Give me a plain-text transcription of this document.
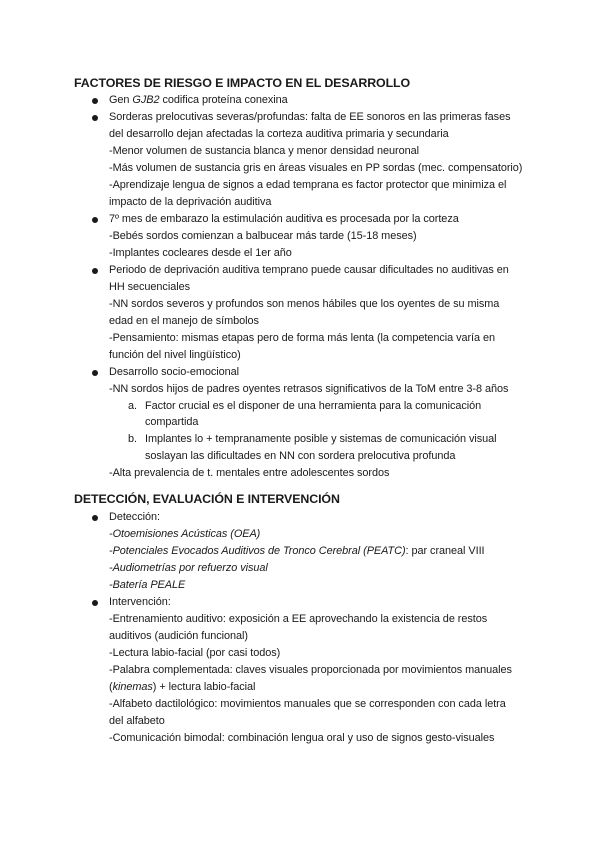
FACTORES DE RIESGO E IMPACTO EN EL DESARROLLO
Gen GJB2 codifica proteína conexina
Sorderas prelocutivas severas/profundas: falta de EE sonoros en las primeras fases
del desarrollo dejan afectadas la corteza auditiva primaria y secundaria
-Menor volumen de sustancia blanca y menor densidad neuronal
-Más volumen de sustancia gris en áreas visuales en PP sordas (mec. compensatorio)
-Aprendizaje lengua de signos a edad temprana es factor protector que minimiza el
impacto de la deprivación auditiva
7º mes de embarazo la estimulación auditiva es procesada por la corteza
-Bebés sordos comienzan a balbucear más tarde (15-18 meses)
-Implantes cocleares desde el 1er año
Periodo de deprivación auditiva temprano puede causar dificultades no auditivas en
HH secuenciales
-NN sordos severos y profundos son menos hábiles que los oyentes de su misma
edad en el manejo de símbolos
-Pensamiento: mismas etapas pero de forma más lenta (la competencia varía en
función del nivel lingüístico)
Desarrollo socio-emocional
-NN sordos hijos de padres oyentes retrasos significativos de la ToM entre 3-8 años
a. Factor crucial es el disponer de una herramienta para la comunicación
compartida
b. Implantes lo + tempranamente posible y sistemas de comunicación visual
soslayan las dificultades en NN con sordera prelocutiva profunda
-Alta prevalencia de t. mentales entre adolescentes sordos
DETECCIÓN, EVALUACIÓN E INTERVENCIÓN
Detección:
-Otoemisiones Acústicas (OEA)
-Potenciales Evocados Auditivos de Tronco Cerebral (PEATC): par craneal VIII
-Audiometrías por refuerzo visual
-Batería PEALE
Intervención:
-Entrenamiento auditivo: exposición a EE aprovechando la existencia de restos
auditivos (audición funcional)
-Lectura labio-facial (por casi todos)
-Palabra complementada: claves visuales proporcionada por movimientos manuales
(kinemas) + lectura labio-facial
-Alfabeto dactilológico: movimientos manuales que se corresponden con cada letra
del alfabeto
-Comunicación bimodal: combinación lengua oral y uso de signos gesto-visuales
